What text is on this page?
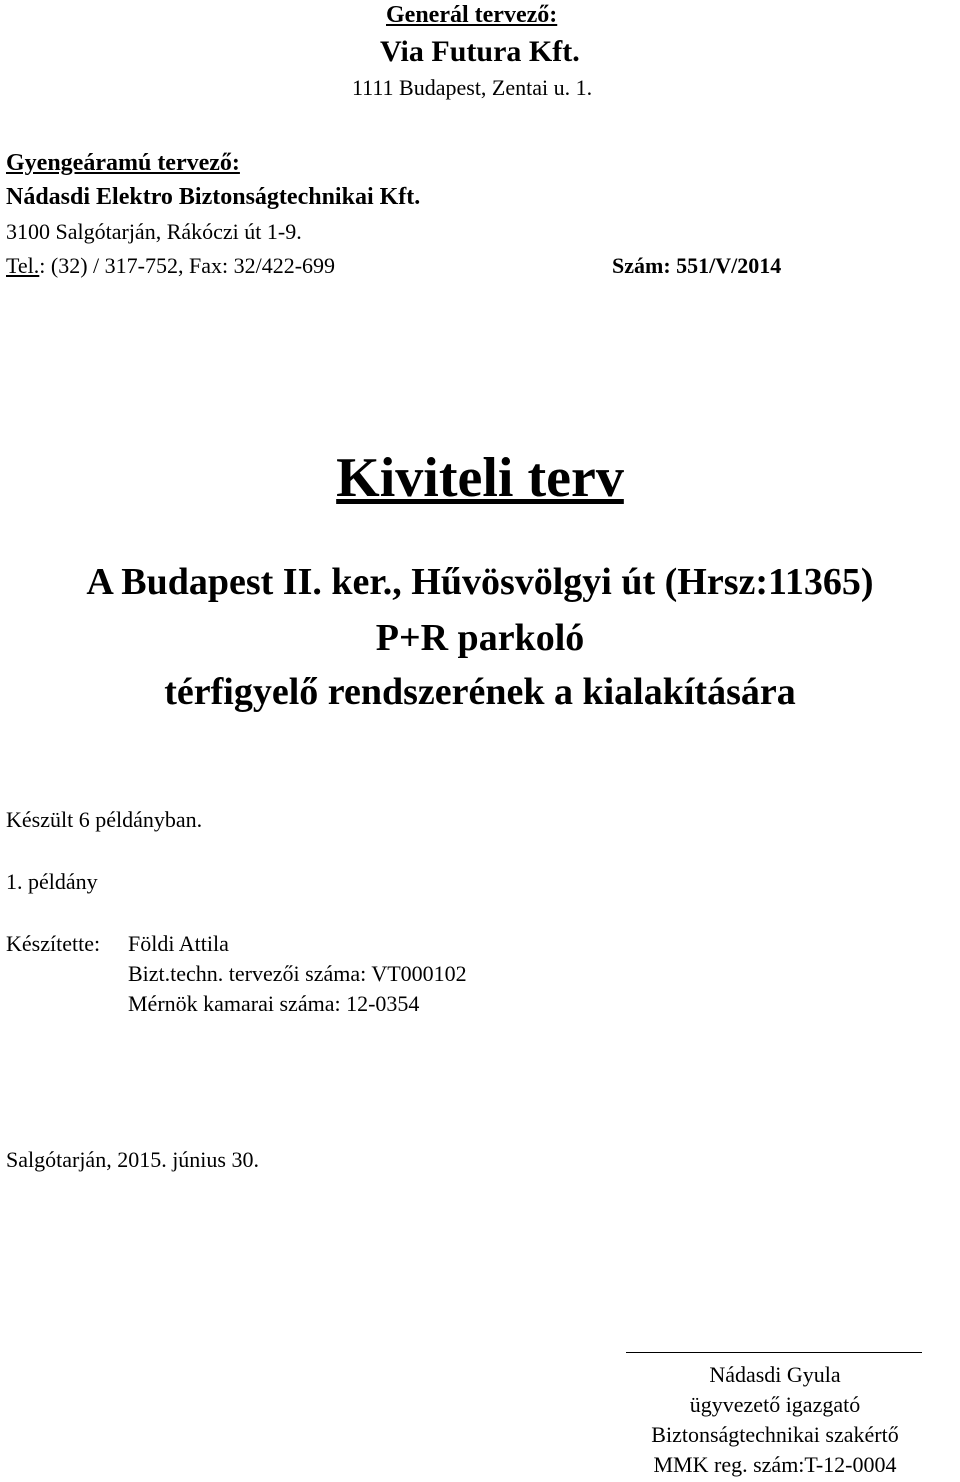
Generál tervező:
Via Futura Kft.
1111 Budapest, Zentai u. 1.
Gyengeáramú tervező:
Nádasdi Elektro Biztonságtechnikai Kft.
3100 Salgótarján, Rákóczi út 1-9.
Tel.: (32) / 317-752, Fax: 32/422-699	Szám: 551/V/2014
Kiviteli terv
A Budapest II. ker., Hűvösvölgyi út (Hrsz:11365)
P+R parkoló
térfigyelő rendszerének a kialakítására
Készült 6 példányban.
1. példány
Készítette: Földi Attila
Bizt.techn. tervezői száma: VT000102
Mérnök kamarai száma: 12-0354
Salgótarján, 2015. június 30.
Nádasdi Gyula
ügyvezető igazgató
Biztonságtechnikai szakértő
MMK reg. szám:T-12-0004
